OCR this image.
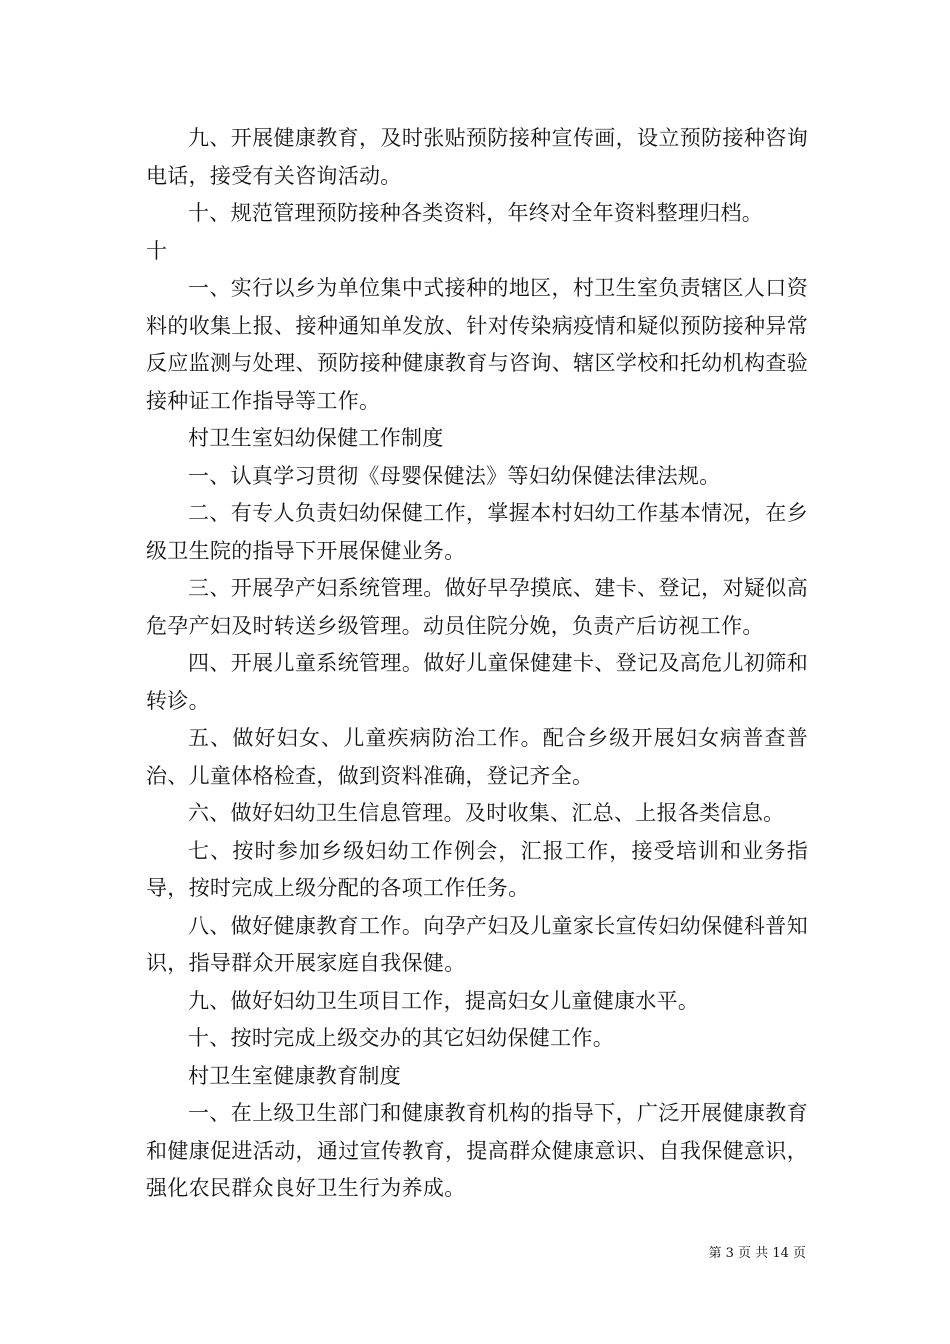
九、开展健康教育，及时张贴预防接种宣传画，设立预防接种咨询电话，接受有关咨询活动。

十、规范管理预防接种各类资料，年终对全年资料整理归档。

十

一、实行以乡为单位集中式接种的地区，村卫生室负责辖区人口资料的收集上报、接种通知单发放、针对传染病疫情和疑似预防接种异常反应监测与处理、预防接种健康教育与咨询、辖区学校和托幼机构查验接种证工作指导等工作。

村卫生室妇幼保健工作制度

一、认真学习贯彻《母婴保健法》等妇幼保健法律法规。

二、有专人负责妇幼保健工作，掌握本村妇幼工作基本情况，在乡级卫生院的指导下开展保健业务。

三、开展孕产妇系统管理。做好早孕摸底、建卡、登记，对疑似高危孕产妇及时转送乡级管理。动员住院分娩，负责产后访视工作。

四、开展儿童系统管理。做好儿童保健建卡、登记及高危儿初筛和转诊。

五、做好妇女、儿童疾病防治工作。配合乡级开展妇女病普查普治、儿童体格检查，做到资料准确，登记齐全。

六、做好妇幼卫生信息管理。及时收集、汇总、上报各类信息。

七、按时参加乡级妇幼工作例会，汇报工作，接受培训和业务指导，按时完成上级分配的各项工作任务。

八、做好健康教育工作。向孕产妇及儿童家长宣传妇幼保健科普知识，指导群众开展家庭自我保健。

九、做好妇幼卫生项目工作，提高妇女儿童健康水平。

十、按时完成上级交办的其它妇幼保健工作。

村卫生室健康教育制度

一、在上级卫生部门和健康教育机构的指导下，广泛开展健康教育和健康促进活动，通过宣传教育，提高群众健康意识、自我保健意识，强化农民群众良好卫生行为养成。

第 3 页 共 14 页
